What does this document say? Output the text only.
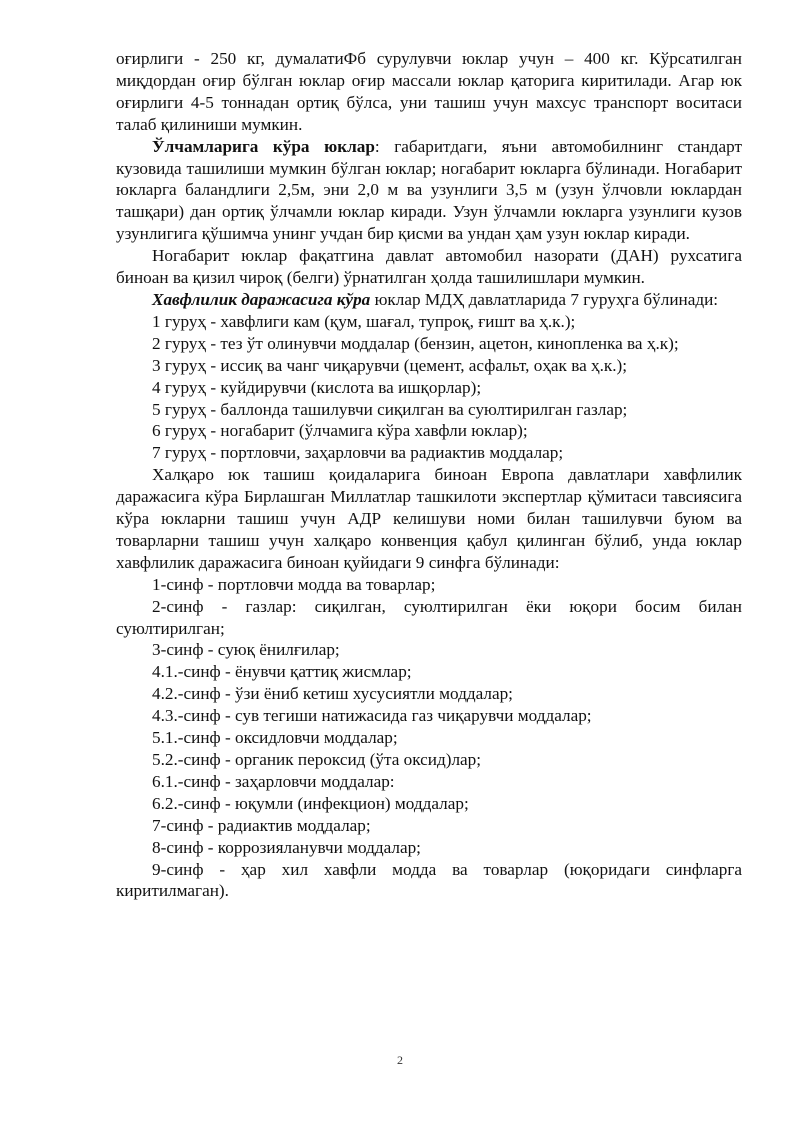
оғирлиги - 250 кг, думалатиФб сурулувчи юклар учун – 400 кг. Кўрсатилган миқдордан оғир бўлган юклар оғир массали юклар қаторига киритилади. Агар юк оғирлиги 4-5 тоннадан ортиқ бўлса, уни ташиш учун махсус транспорт воситаси талаб қилиниши мумкин.

Ўлчамларига кўра юклар: габаритдаги, яъни автомобилнинг стандарт кузовида ташилиши мумкин бўлган юклар; ногабарит юкларга бўлинади. Ногабарит юкларга баландлиги 2,5м, эни 2,0 м ва узунлиги 3,5 м (узун ўлчовли юклардан ташқари) дан ортиқ ўлчамли юклар киради. Узун ўлчамли юкларга узунлиги кузов узунлигига қўшимча унинг учдан бир қисми ва ундан ҳам узун юклар киради.

Ногабарит юклар фақатгина давлат автомобил назорати (ДАН) рухсатига биноан ва қизил чироқ (белги) ўрнатилган ҳолда ташилишлари мумкин.

Хавфлилик даражасига кўра юклар МДҲ давлатларида 7 гуруҳга бўлинади:

1 гуруҳ - хавфлиги кам (қум, шағал, тупроқ, ғишт ва ҳ.к.);

2 гуруҳ - тез ўт олинувчи моддалар (бензин, ацетон, кинопленка ва ҳ.к);

3 гуруҳ - иссиқ ва чанг чиқарувчи (цемент, асфальт, оҳак ва ҳ.к.);

4 гуруҳ - куйдирувчи (кислота ва ишқорлар);

5 гуруҳ - баллонда ташилувчи сиқилган ва суюлтирилган газлар;

6 гуруҳ - ногабарит (ўлчамига кўра хавфли юклар);

7 гуруҳ - портловчи, заҳарловчи ва радиактив моддалар;

Халқаро юк ташиш қоидаларига биноан Европа давлатлари хавфлилик даражасига кўра Бирлашган Миллатлар ташкилоти экспертлар қўмитаси тавсиясига кўра юкларни ташиш учун АДР келишуви номи билан ташилувчи буюм ва товарларни ташиш учун халқаро конвенция қабул қилинган бўлиб, унда юклар хавфлилик даражасига биноан қуйидаги 9 синфга бўлинади:

1-синф - портловчи модда ва товарлар;

2-синф - газлар: сиқилган, суюлтирилган ёки юқори босим билан суюлтирилган;

3-синф - суюқ ёнилғилар;

4.1.-синф - ёнувчи қаттиқ жисмлар;

4.2.-синф - ўзи ёниб кетиш хусусиятли моддалар;

4.3.-синф - сув тегиши натижасида газ чиқарувчи моддалар;

5.1.-синф - оксидловчи моддалар;

5.2.-синф - органик пероксид (ўта оксид)лар;

6.1.-синф - заҳарловчи моддалар:

6.2.-синф - юқумли (инфекцион) моддалар;

7-синф - радиактив моддалар;

8-синф - коррозияланувчи моддалар;

9-синф - ҳар хил хавфли модда ва товарлар (юқоридаги синфларга киритилмаган).

2
